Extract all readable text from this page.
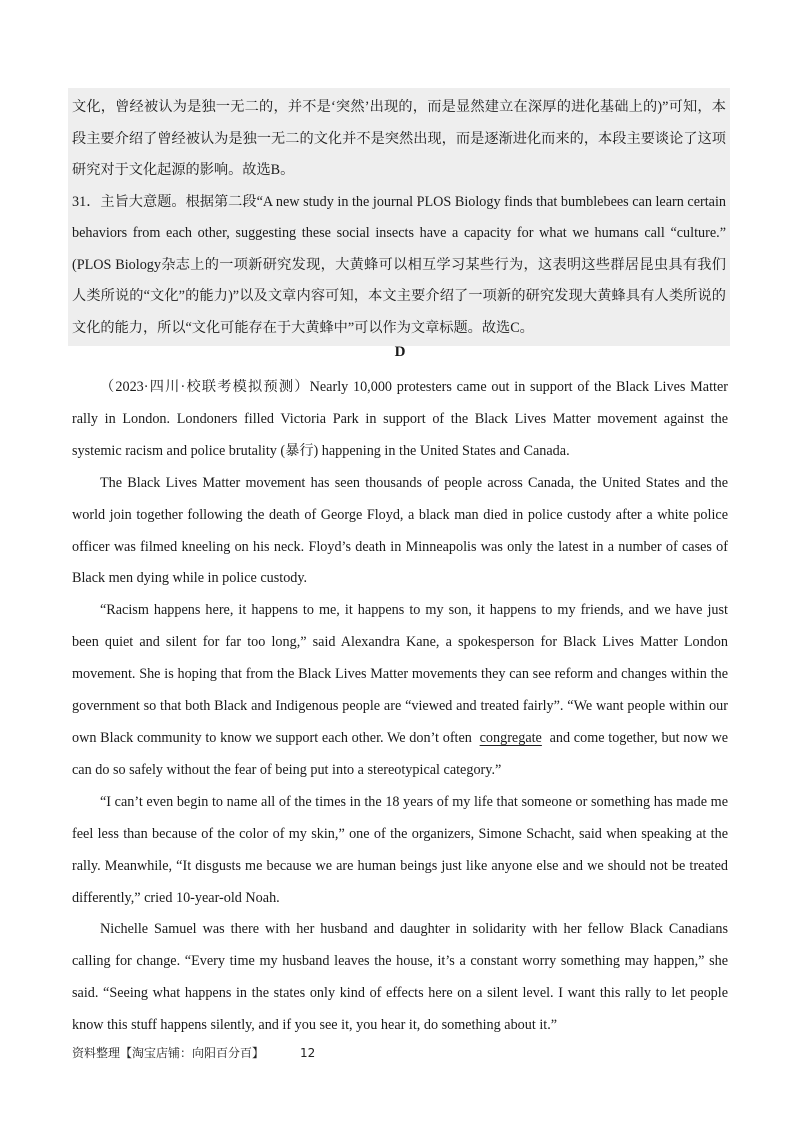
文化，曾经被认为是独一无二的，并不是‘突然’出现的，而是显然建立在深厚的进化基础上的)”可知，本段主要介绍了曾经被认为是独一无二的文化并不是突然出现，而是逐渐进化而来的，本段主要谈论了这项研究对于文化起源的影响。故选B。

31．主旨大意题。根据第二段“A new study in the journal PLOS Biology finds that bumblebees can learn certain behaviors from each other, suggesting these social insects have a capacity for what we humans call “culture.” (PLOS Biology杂志上的一项新研究发现，大黄蜂可以相互学习某些行为，这表明这些群居昆虫具有我们人类所说的“文化”的能力)”以及文章内容可知，本文主要介绍了一项新的研究发现大黄蜂具有人类所说的文化的能力，所以“文化可能存在于大黄蜂中”可以作为文章标题。故选C。

D

（2023·四川·校联考模拟预测）Nearly 10,000 protesters came out in support of the Black Lives Matter rally in London. Londoners filled Victoria Park in support of the Black Lives Matter movement against the systemic racism and police brutality (暴行) happening in the United States and Canada.

The Black Lives Matter movement has seen thousands of people across Canada, the United States and the world join together following the death of George Floyd, a black man died in police custody after a white police officer was filmed kneeling on his neck. Floyd’s death in Minneapolis was only the latest in a number of cases of Black men dying while in police custody.

“Racism happens here, it happens to me, it happens to my son, it happens to my friends, and we have just been quiet and silent for far too long,” said Alexandra Kane, a spokesperson for Black Lives Matter London movement. She is hoping that from the Black Lives Matter movements they can see reform and changes within the government so that both Black and Indigenous people are “viewed and treated fairly”. “We want people within our own Black community to know we support each other. We don’t often congregate and come together, but now we can do so safely without the fear of being put into a stereotypical category.”

“I can’t even begin to name all of the times in the 18 years of my life that someone or something has made me feel less than because of the color of my skin,” one of the organizers, Simone Schacht, said when speaking at the rally. Meanwhile, “It disgusts me because we are human beings just like anyone else and we should not be treated differently,” cried 10-year-old Noah.

Nichelle Samuel was there with her husband and daughter in solidarity with her fellow Black Canadians calling for change. “Every time my husband leaves the house, it’s a constant worry something may happen,” she said. “Seeing what happens in the states only kind of effects here on a silent level. I want this rally to let people know this stuff happens silently, and if you see it, you hear it, do something about it.”

资料整理【淘宝店铺：向阳百分百】	12
